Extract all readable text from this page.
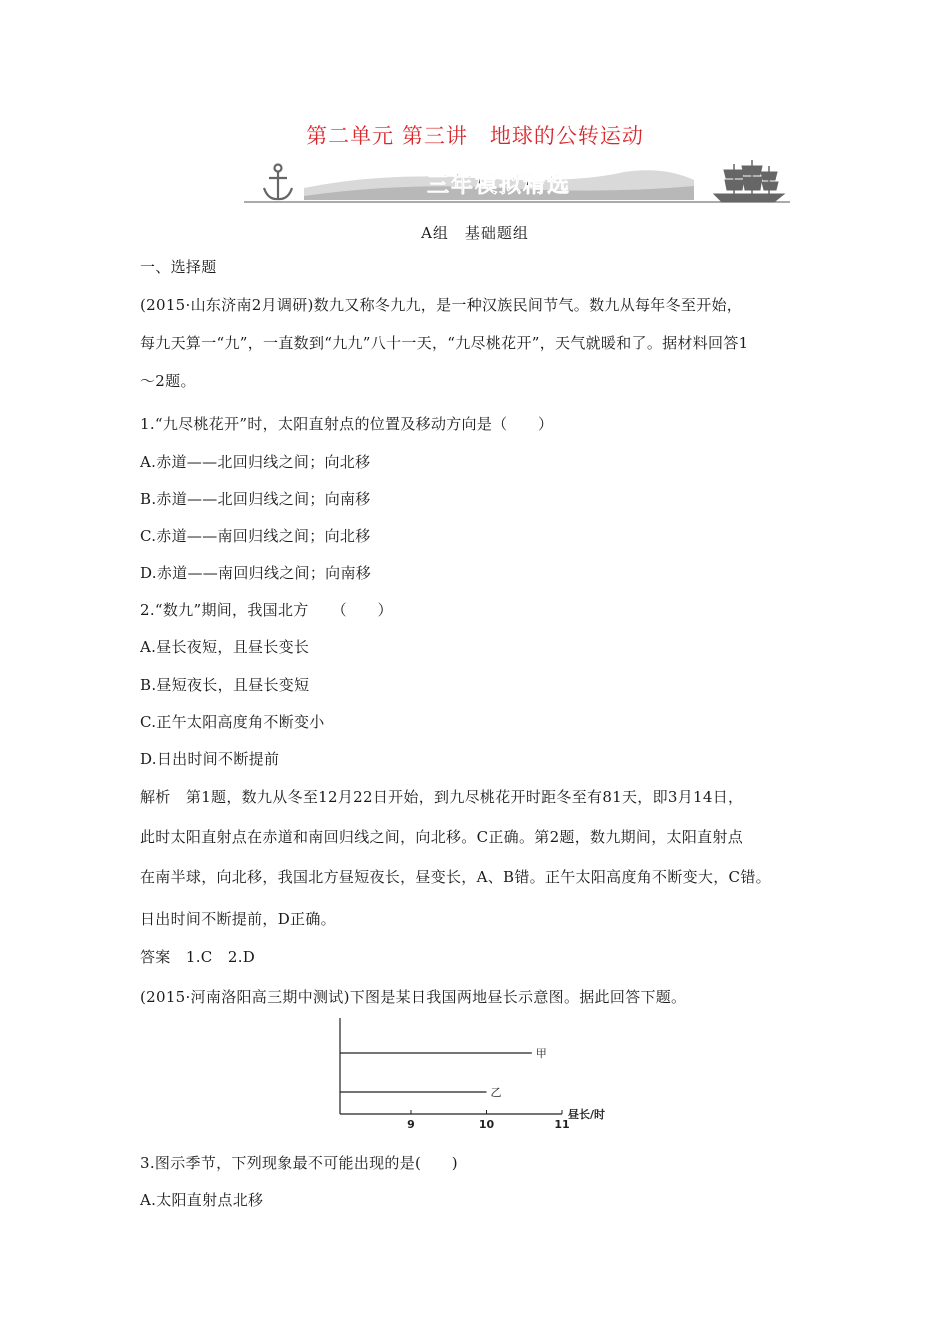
第二单元 第三讲　地球的公转运动
三年模拟精选
A组　基础题组
一、选择题
(2015·山东济南2月调研)数九又称冬九九，是一种汉族民间节气。数九从每年冬至开始，
每九天算一“九”，一直数到“九九”八十一天，“九尽桃花开”，天气就暖和了。据材料回答1
～2题。
1.“九尽桃花开”时，太阳直射点的位置及移动方向是（　　）
A.赤道——北回归线之间；向北移
B.赤道——北回归线之间；向南移
C.赤道——南回归线之间；向北移
D.赤道——南回归线之间；向南移
2.“数九”期间，我国北方　　（　　）
A.昼长夜短，且昼长变长
B.昼短夜长，且昼长变短
C.正午太阳高度角不断变小
D.日出时间不断提前
解析　第1题，数九从冬至12月22日开始，到九尽桃花开时距冬至有81天，即3月14日，
此时太阳直射点在赤道和南回归线之间，向北移。C正确。第2题，数九期间，太阳直射点
在南半球，向北移，我国北方昼短夜长，昼变长，A、B错。正午太阳高度角不断变大，C错。
日出时间不断提前，D正确。
答案　1.C　2.D
(2015·河南洛阳高三期中测试)下图是某日我国两地昼长示意图。据此回答下题。
甲
乙
9	10	11
昼长/时
3.图示季节，下列现象最不可能出现的是(　　)
A.太阳直射点北移
